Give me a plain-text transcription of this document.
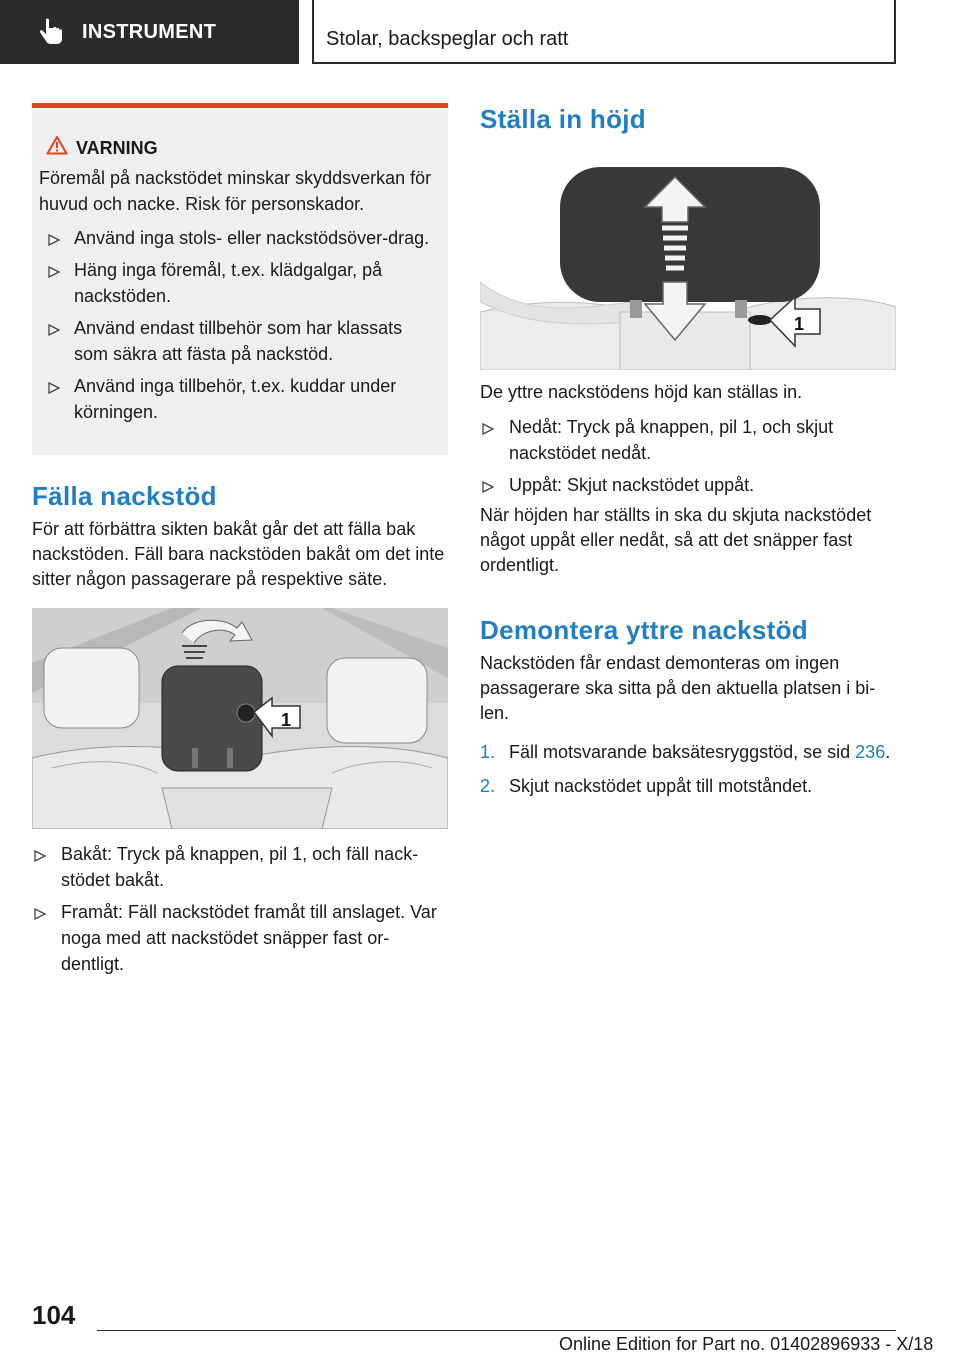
INSTRUMENT	Stolar, backspeglar och ratt
VARNING

Föremål på nackstödet minskar skyddsverkan för huvud och nacke. Risk för personskador.

Använd inga stols- eller nackstödsöver-drag.
Häng inga föremål, t.ex. klädgalgar, på nackstöden.
Använd endast tillbehör som har klassats som säkra att fästa på nackstöd.
Använd inga tillbehör, t.ex. kuddar under körningen.
Fälla nackstöd

För att förbättra sikten bakåt går det att fälla bak nackstöden. Fäll bara nackstöden bakåt om det inte sitter någon passagerare på respektive säte.

1
Bakåt: Tryck på knappen, pil 1, och fäll nack-stödet bakåt.
Framåt: Fäll nackstödet framåt till anslaget. Var noga med att nackstödet snäpper fast or-dentligt.
Ställa in höjd
1

De yttre nackstödens höjd kan ställas in.

Nedåt: Tryck på knappen, pil 1, och skjut nackstödet nedåt.
Uppåt: Skjut nackstödet uppåt.

När höjden har ställts in ska du skjuta nackstödet något uppåt eller nedåt, så att det snäpper fast ordentligt.

Demontera yttre nackstöd

Nackstöden får endast demonteras om ingen passagerare ska sitta på den aktuella platsen i bi-len.

1. Fäll motsvarande baksätesryggstöd, se sid 236.
2. Skjut nackstödet uppåt till motståndet.
104
Online Edition for Part no. 01402896933 - X/18
